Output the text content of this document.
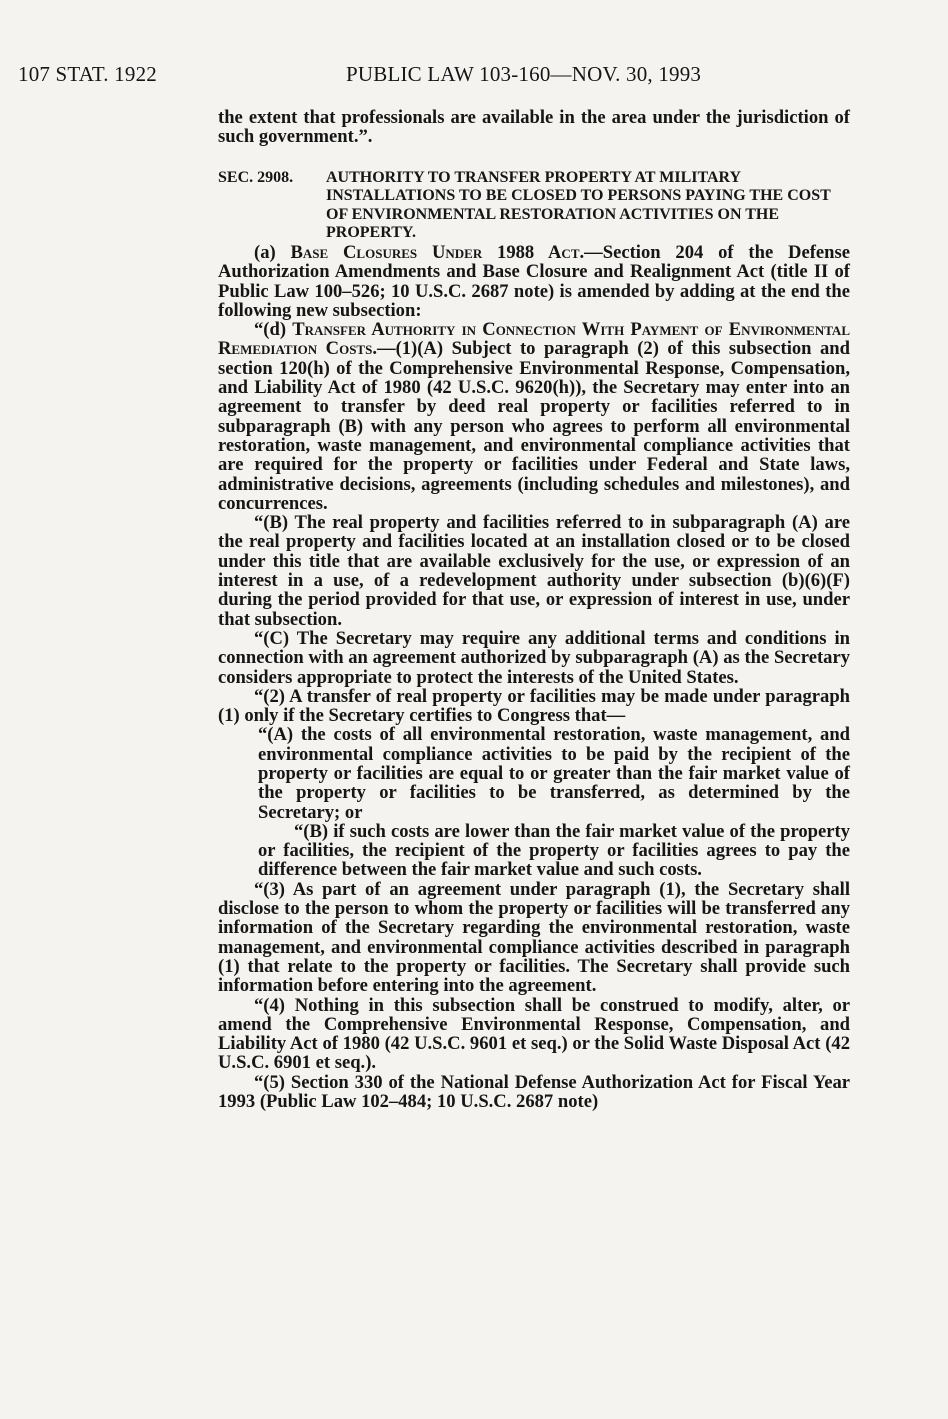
107 STAT. 1922	PUBLIC LAW 103-160—NOV. 30, 1993

the extent that professionals are available in the area under the jurisdiction of such government.”.

SEC. 2908. AUTHORITY TO TRANSFER PROPERTY AT MILITARY INSTALLATIONS TO BE CLOSED TO PERSONS PAYING THE COST OF ENVIRONMENTAL RESTORATION ACTIVITIES ON THE PROPERTY.

(a) Base Closures Under 1988 Act.—Section 204 of the Defense Authorization Amendments and Base Closure and Realignment Act (title II of Public Law 100–526; 10 U.S.C. 2687 note) is amended by adding at the end the following new subsection:

“(d) Transfer Authority in Connection With Payment of Environmental Remediation Costs.—(1)(A) Subject to paragraph (2) of this subsection and section 120(h) of the Comprehensive Environmental Response, Compensation, and Liability Act of 1980 (42 U.S.C. 9620(h)), the Secretary may enter into an agreement to transfer by deed real property or facilities referred to in subparagraph (B) with any person who agrees to perform all environmental restoration, waste management, and environmental compliance activities that are required for the property or facilities under Federal and State laws, administrative decisions, agreements (including schedules and milestones), and concurrences.

“(B) The real property and facilities referred to in subparagraph (A) are the real property and facilities located at an installation closed or to be closed under this title that are available exclusively for the use, or expression of an interest in a use, of a redevelopment authority under subsection (b)(6)(F) during the period provided for that use, or expression of interest in use, under that subsection.

“(C) The Secretary may require any additional terms and conditions in connection with an agreement authorized by subparagraph (A) as the Secretary considers appropriate to protect the interests of the United States.

“(2) A transfer of real property or facilities may be made under paragraph (1) only if the Secretary certifies to Congress that—

“(A) the costs of all environmental restoration, waste management, and environmental compliance activities to be paid by the recipient of the property or facilities are equal to or greater than the fair market value of the property or facilities to be transferred, as determined by the Secretary; or

“(B) if such costs are lower than the fair market value of the property or facilities, the recipient of the property or facilities agrees to pay the difference between the fair market value and such costs.

“(3) As part of an agreement under paragraph (1), the Secretary shall disclose to the person to whom the property or facilities will be transferred any information of the Secretary regarding the environmental restoration, waste management, and environmental compliance activities described in paragraph (1) that relate to the property or facilities. The Secretary shall provide such information before entering into the agreement.

“(4) Nothing in this subsection shall be construed to modify, alter, or amend the Comprehensive Environmental Response, Compensation, and Liability Act of 1980 (42 U.S.C. 9601 et seq.) or the Solid Waste Disposal Act (42 U.S.C. 6901 et seq.).

“(5) Section 330 of the National Defense Authorization Act for Fiscal Year 1993 (Public Law 102–484; 10 U.S.C. 2687 note)
